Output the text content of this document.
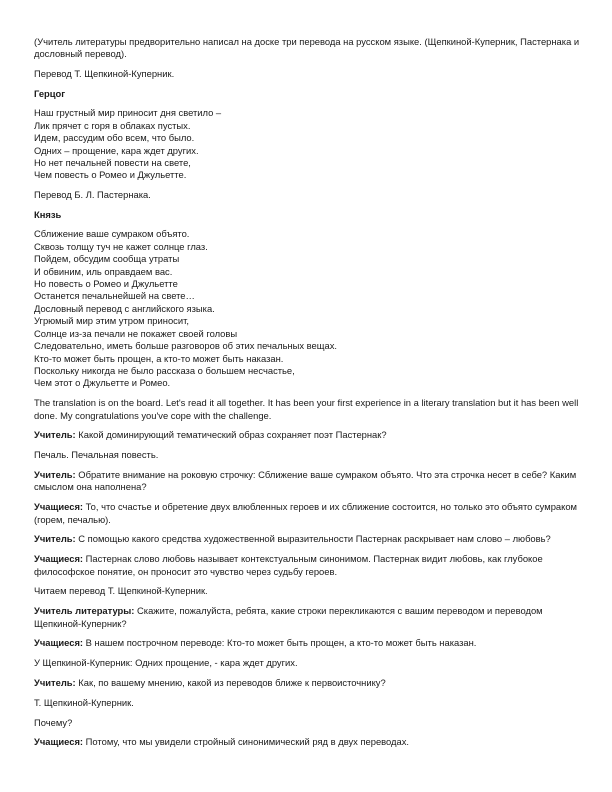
(Учитель литературы предворительно написал на доске три перевода на русском языке. (Щепкиной-Куперник, Пастернака и дословный перевод).

Перевод Т. Щепкиной-Куперник.

Герцог

Наш грустный мир приносит дня светило –
Лик прячет с горя в облаках пустых.
Идем, рассудим обо всем, что было.
Одних – прощение, кара ждет других.
Но нет печальней повести на свете,
Чем повесть о Ромео и Джульетте.

Перевод Б. Л. Пастернака.

Князь

Сближение ваше сумраком объято.
Сквозь толщу туч не кажет солнце глаз.
Пойдем, обсудим сообща утраты
И обвиним, иль оправдаем вас.
Но повесть о Ромео и Джульетте
Останется печальнейшей на свете…
Дословный перевод с английского языка.
Угрюмый мир этим утром приносит,
Солнце из-за печали не покажет своей головы
Следовательно, иметь больше разговоров об этих печальных вещах.
Кто-то может быть прощен, а кто-то может быть наказан.
Поскольку никогда не было рассказа о большем несчастье,
Чем этот о Джульетте и Ромео.

The translation is on the board. Let's read it all together. It has been your first experience in a literary translation but it has been well done. My congratulations you've cope with the challenge.

Учитель: Какой доминирующий тематический образ сохраняет поэт Пастернак?

Печаль. Печальная повесть.

Учитель: Обратите внимание на роковую строчку: Сближение ваше сумраком объято. Что эта строчка несет в себе? Каким смыслом она наполнена?

Учащиеся: То, что счастье и обретение двух влюбленных героев и их сближение состоится, но только это объято сумраком (горем, печалью).

Учитель: С помощью какого средства художественной выразительности Пастернак раскрывает нам слово – любовь?

Учащиеся: Пастернак слово любовь называет контекстуальным синонимом. Пастернак видит любовь, как глубокое философское понятие, он проносит это чувство через судьбу героев.

Читаем перевод Т. Щепкиной-Куперник.

Учитель литературы: Скажите, пожалуйста, ребята, какие строки перекликаются с вашим переводом и переводом Щепкиной-Куперник?

Учащиеся: В нашем построчном переводе: Кто-то может быть прощен, а кто-то может быть наказан.

У Щепкиной-Куперник: Одних прощение, - кара ждет других.

Учитель: Как, по вашему мнению, какой из переводов ближе к первоисточнику?

Т. Щепкиной-Куперник.

Почему?

Учащиеся: Потому, что мы увидели стройный синонимический ряд в двух переводах.
